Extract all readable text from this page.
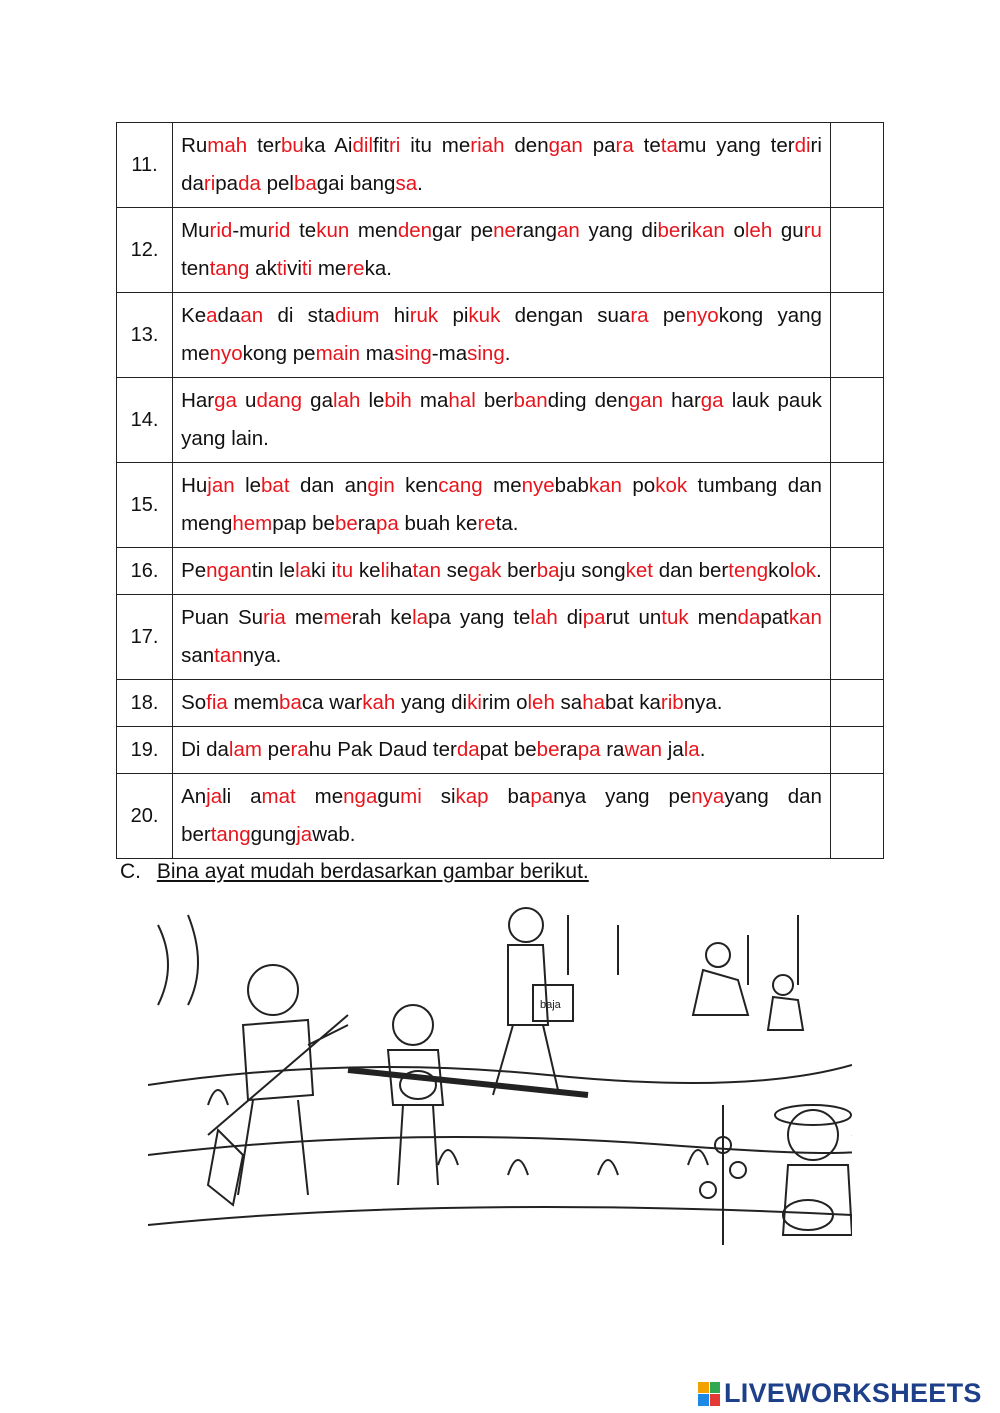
11.	Rumah terbuka Aidilfitri itu meriah dengan para tetamu yang terdiri daripada pelbagai bangsa.	
12.	Murid-murid tekun mendengar penerangan yang diberikan oleh guru tentang aktiviti mereka.	
13.	Keadaan di stadium hiruk pikuk dengan suara penyokong yang menyokong pemain masing-masing.	
14.	Harga udang galah lebih mahal berbanding dengan harga lauk pauk yang lain.	
15.	Hujan lebat dan angin kencang menyebabkan pokok tumbang dan menghempap beberapa buah kereta.	
16.	Pengantin lelaki itu kelihatan segak berbaju songket dan bertengkolok.	
17.	Puan Suria memerah kelapa yang telah diparut untuk mendapatkan santannya.	
18.	Sofia membaca warkah yang dikirim oleh sahabat karibnya.	
19.	Di dalam perahu Pak Daud terdapat beberapa rawan jala.	
20.	Anjali amat mengagumi sikap bapanya yang penyayang dan bertanggungjawab.	
C. Bina ayat mudah berdasarkan gambar berikut.
baja
LIVEWORKSHEETS
